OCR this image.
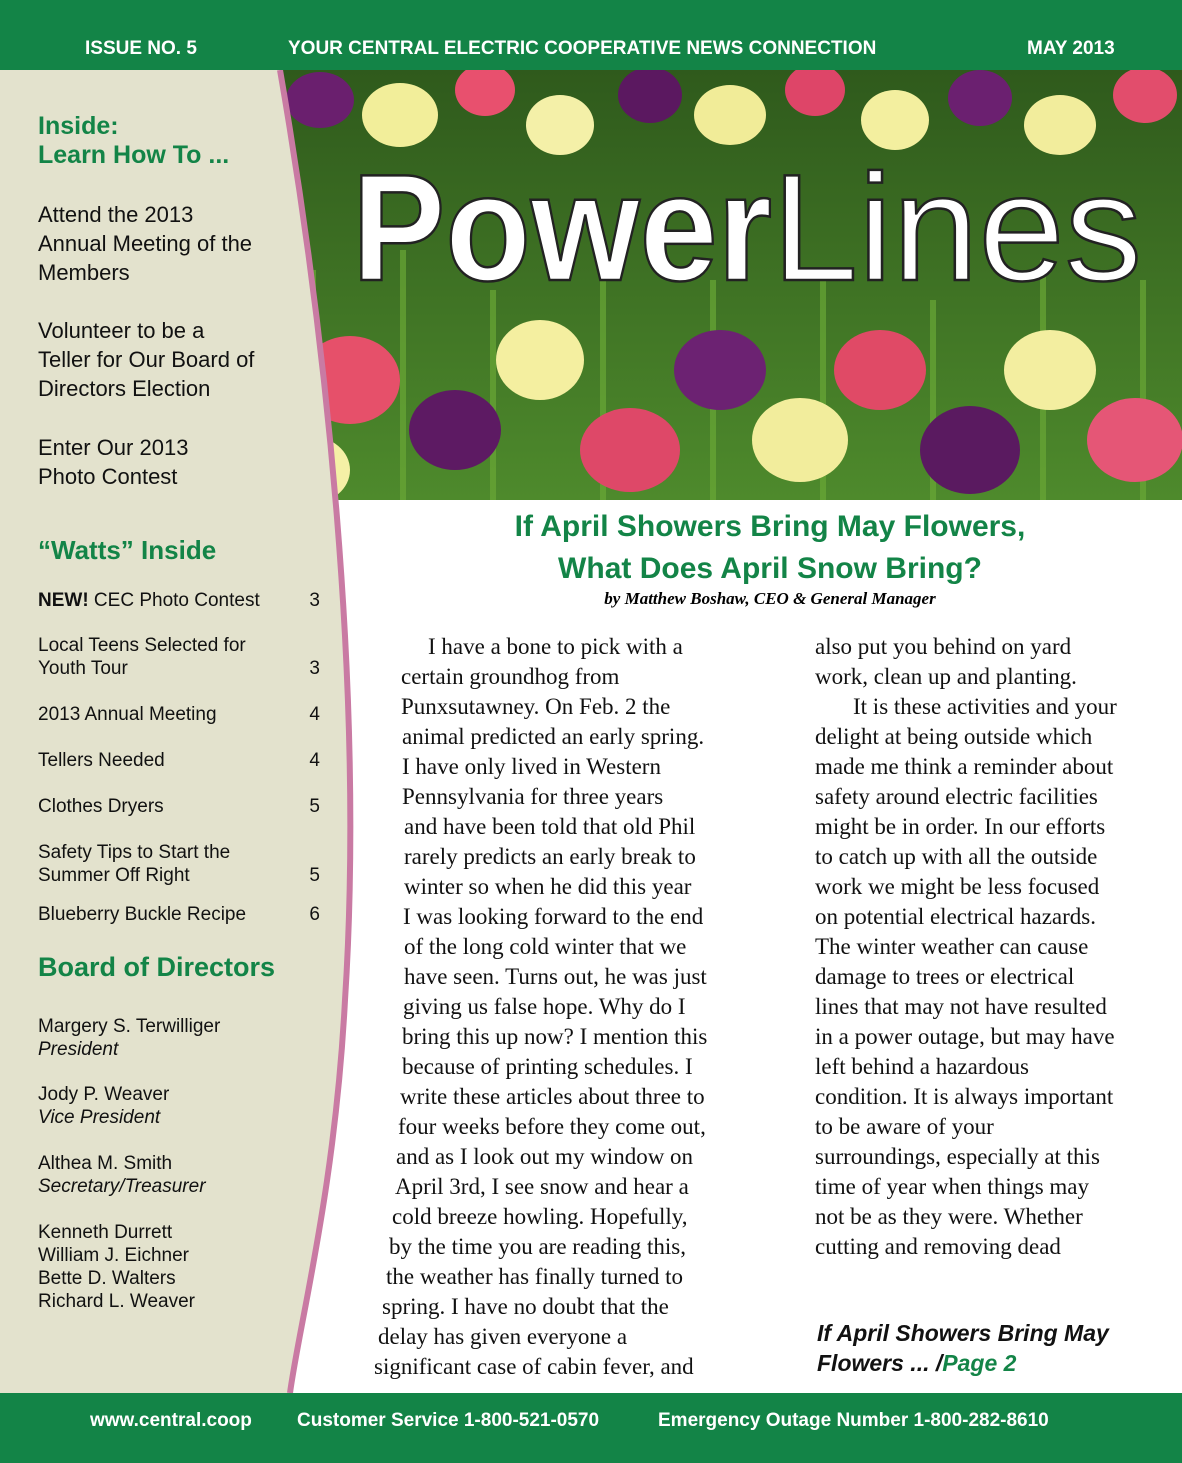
ISSUE NO. 5	YOUR CENTRAL ELECTRIC COOPERATIVE NEWS CONNECTION	MAY 2013
Power Lines
Inside:
Learn How To ...
Attend the 2013
Annual Meeting of the
Members
Volunteer to be a
Teller for Our Board of
Directors Election
Enter Our 2013
Photo Contest
“Watts” Inside
NEW! CEC Photo Contest	3
Local Teens Selected for
Youth Tour	3
2013 Annual Meeting	4
Tellers Needed	4
Clothes Dryers	5
Safety Tips to Start the
Summer Off Right	5
Blueberry Buckle Recipe	6
Board of Directors
Margery S. Terwilliger
President
Jody P. Weaver
Vice President
Althea M. Smith
Secretary/Treasurer
Kenneth Durrett
William J. Eichner
Bette D. Walters
Richard L. Weaver
If April Showers Bring May Flowers,
What Does April Snow Bring?
by Matthew Boshaw, CEO & General Manager
I have a bone to pick with a
certain groundhog from
Punxsutawney. On Feb. 2 the
animal predicted an early spring.
I have only lived in Western
Pennsylvania for three years
and have been told that old Phil
rarely predicts an early break to
winter so when he did this year
I was looking forward to the end
of the long cold winter that we
have seen. Turns out, he was just
giving us false hope. Why do I
bring this up now? I mention this
because of printing schedules. I
write these articles about three to
four weeks before they come out,
and as I look out my window on
April 3rd, I see snow and hear a
cold breeze howling. Hopefully,
by the time you are reading this,
the weather has finally turned to
spring. I have no doubt that the
delay has given everyone a
significant case of cabin fever, and
also put you behind on yard
work, clean up and planting.
It is these activities and your
delight at being outside which
made me think a reminder about
safety around electric facilities
might be in order. In our efforts
to catch up with all the outside
work we might be less focused
on potential electrical hazards.
The winter weather can cause
damage to trees or electrical
lines that may not have resulted
in a power outage, but may have
left behind a hazardous
condition. It is always important
to be aware of your
surroundings, especially at this
time of year when things may
not be as they were. Whether
cutting and removing dead
If April Showers Bring May
Flowers ... /Page 2
www.central.coop Customer Service 1-800-521-0570	Emergency Outage Number 1-800-282-8610
